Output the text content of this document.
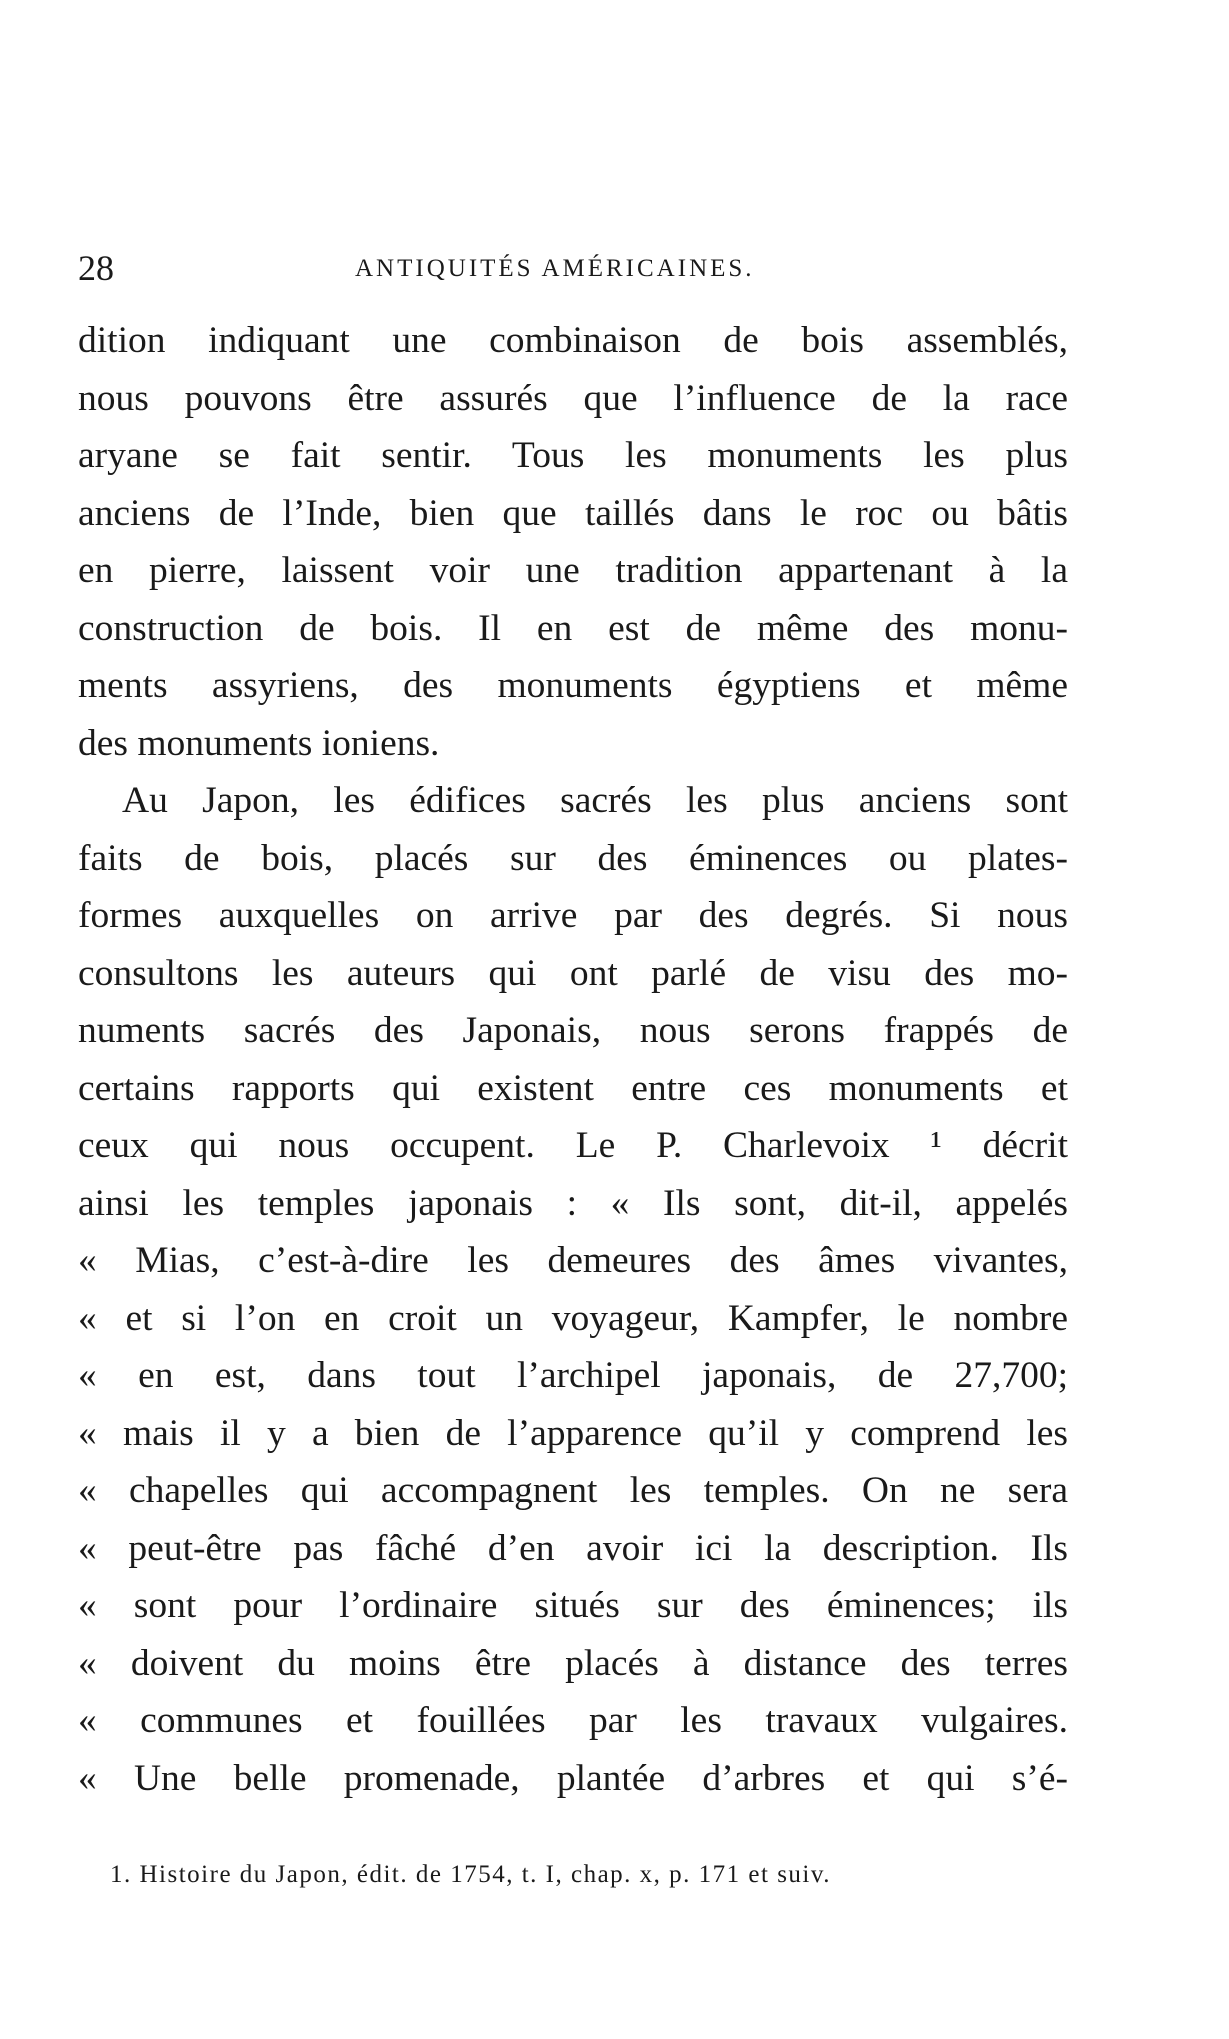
28	ANTIQUITÉS AMÉRICAINES.
dition indiquant une combinaison de bois assemblés,
nous pouvons être assurés que l’influence de la race
aryane se fait sentir. Tous les monuments les plus
anciens de l’Inde, bien que taillés dans le roc ou bâtis
en pierre, laissent voir une tradition appartenant à la
construction de bois. Il en est de même des monu-
ments assyriens, des monuments égyptiens et même
des monuments ioniens.
Au Japon, les édifices sacrés les plus anciens sont
faits de bois, placés sur des éminences ou plates-
formes auxquelles on arrive par des degrés. Si nous
consultons les auteurs qui ont parlé de visu des mo-
numents sacrés des Japonais, nous serons frappés de
certains rapports qui existent entre ces monuments et
ceux qui nous occupent. Le P. Charlevoix ¹ décrit
ainsi les temples japonais : « Ils sont, dit-il, appelés
« Mias, c’est-à-dire les demeures des âmes vivantes,
« et si l’on en croit un voyageur, Kampfer, le nombre
« en est, dans tout l’archipel japonais, de 27,700;
« mais il y a bien de l’apparence qu’il y comprend les
« chapelles qui accompagnent les temples. On ne sera
« peut-être pas fâché d’en avoir ici la description. Ils
« sont pour l’ordinaire situés sur des éminences; ils
« doivent du moins être placés à distance des terres
« communes et fouillées par les travaux vulgaires.
« Une belle promenade, plantée d’arbres et qui s’é-
1. Histoire du Japon, édit. de 1754, t. I, chap. x, p. 171 et suiv.
